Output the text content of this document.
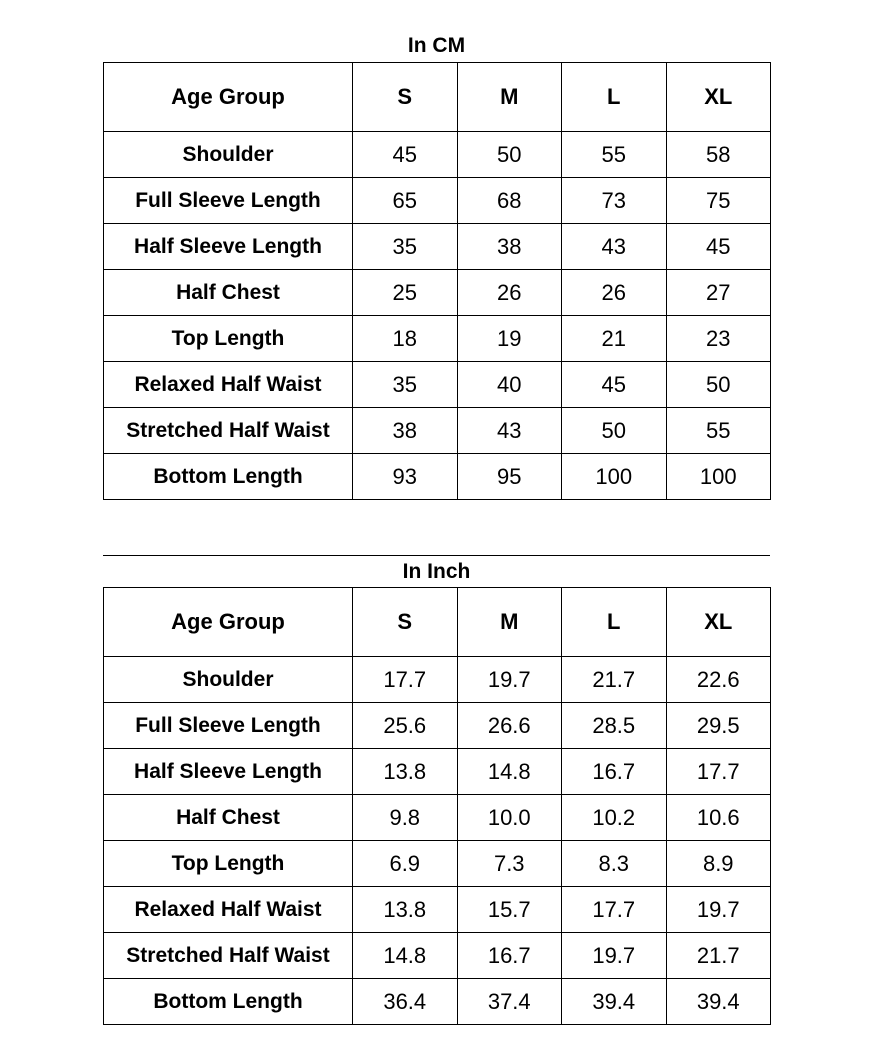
In CM
Age Group	S	M	L	XL
Shoulder	45	50	55	58
Full Sleeve Length	65	68	73	75
Half Sleeve Length	35	38	43	45
Half Chest	25	26	26	27
Top Length	18	19	21	23
Relaxed Half Waist	35	40	45	50
Stretched Half Waist	38	43	50	55
Bottom Length	93	95	100	100
In Inch
Age Group	S	M	L	XL
Shoulder	17.7	19.7	21.7	22.6
Full Sleeve Length	25.6	26.6	28.5	29.5
Half Sleeve Length	13.8	14.8	16.7	17.7
Half Chest	9.8	10.0	10.2	10.6
Top Length	6.9	7.3	8.3	8.9
Relaxed Half Waist	13.8	15.7	17.7	19.7
Stretched Half Waist	14.8	16.7	19.7	21.7
Bottom Length	36.4	37.4	39.4	39.4
